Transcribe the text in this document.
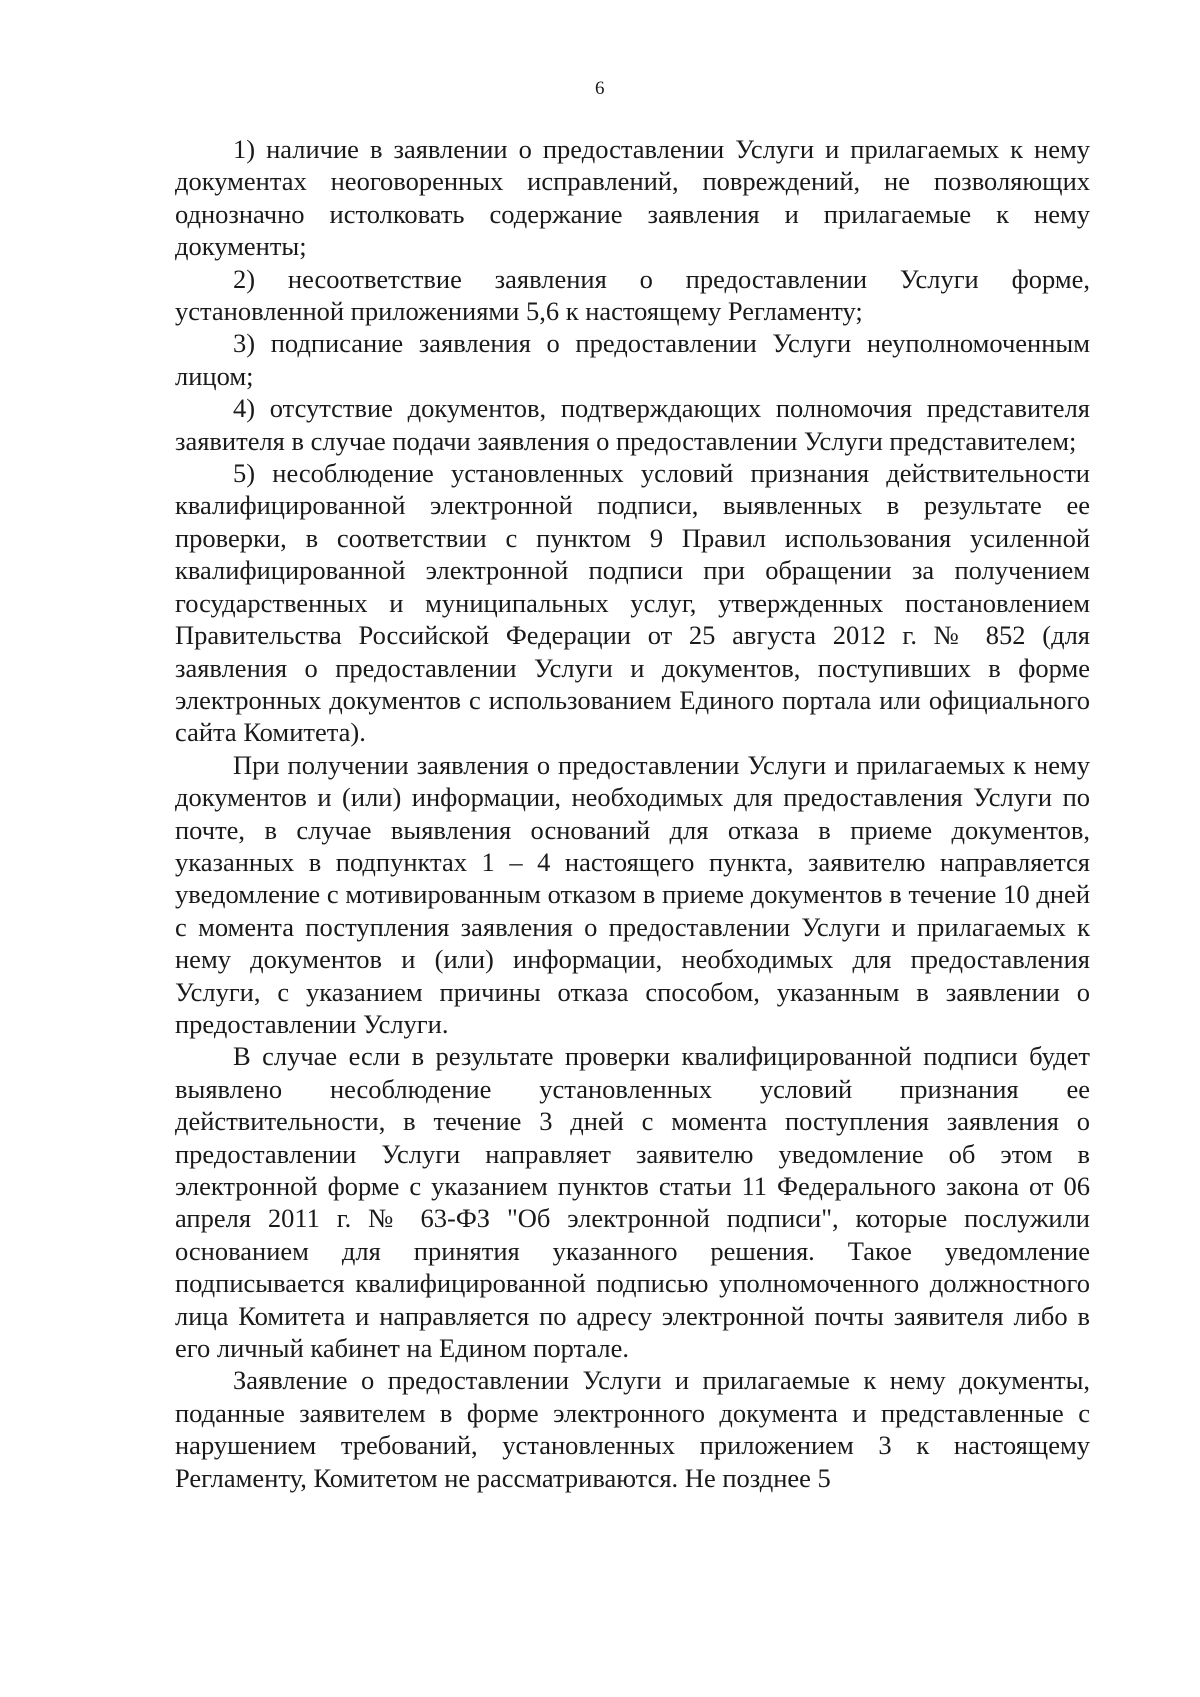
6

1) наличие в заявлении о предоставлении Услуги и прилагаемых к нему документах неоговоренных исправлений, повреждений, не позволяющих однозначно истолковать содержание заявления и прилагаемые к нему документы;

2) несоответствие заявления о предоставлении Услуги форме, установленной приложениями 5,6 к настоящему Регламенту;

3) подписание заявления о предоставлении Услуги неуполномоченным лицом;

4) отсутствие документов, подтверждающих полномочия представителя заявителя в случае подачи заявления о предоставлении Услуги представителем;

5) несоблюдение установленных условий признания действительности квалифицированной электронной подписи, выявленных в результате ее проверки, в соответствии с пунктом 9 Правил использования усиленной квалифицированной электронной подписи при обращении за получением государственных и муниципальных услуг, утвержденных постановлением Правительства Российской Федерации от 25 августа 2012 г. № 852 (для заявления о предоставлении Услуги и документов, поступивших в форме электронных документов с использованием Единого портала или официального сайта Комитета).

При получении заявления о предоставлении Услуги и прилагаемых к нему документов и (или) информации, необходимых для предоставления Услуги по почте, в случае выявления оснований для отказа в приеме документов, указанных в подпунктах 1 – 4 настоящего пункта, заявителю направляется уведомление с мотивированным отказом в приеме документов в течение 10 дней с момента поступления заявления о предоставлении Услуги и прилагаемых к нему документов и (или) информации, необходимых для предоставления Услуги, с указанием причины отказа способом, указанным в заявлении о предоставлении Услуги.

В случае если в результате проверки квалифицированной подписи будет выявлено несоблюдение установленных условий признания ее действительности, в течение 3 дней с момента поступления заявления о предоставлении Услуги направляет заявителю уведомление об этом в электронной форме с указанием пунктов статьи 11 Федерального закона от 06 апреля 2011 г. № 63-ФЗ "Об электронной подписи", которые послужили основанием для принятия указанного решения. Такое уведомление подписывается квалифицированной подписью уполномоченного должностного лица Комитета и направляется по адресу электронной почты заявителя либо в его личный кабинет на Едином портале.

Заявление о предоставлении Услуги и прилагаемые к нему документы, поданные заявителем в форме электронного документа и представленные с нарушением требований, установленных приложением 3 к настоящему Регламенту, Комитетом не рассматриваются. Не позднее 5
